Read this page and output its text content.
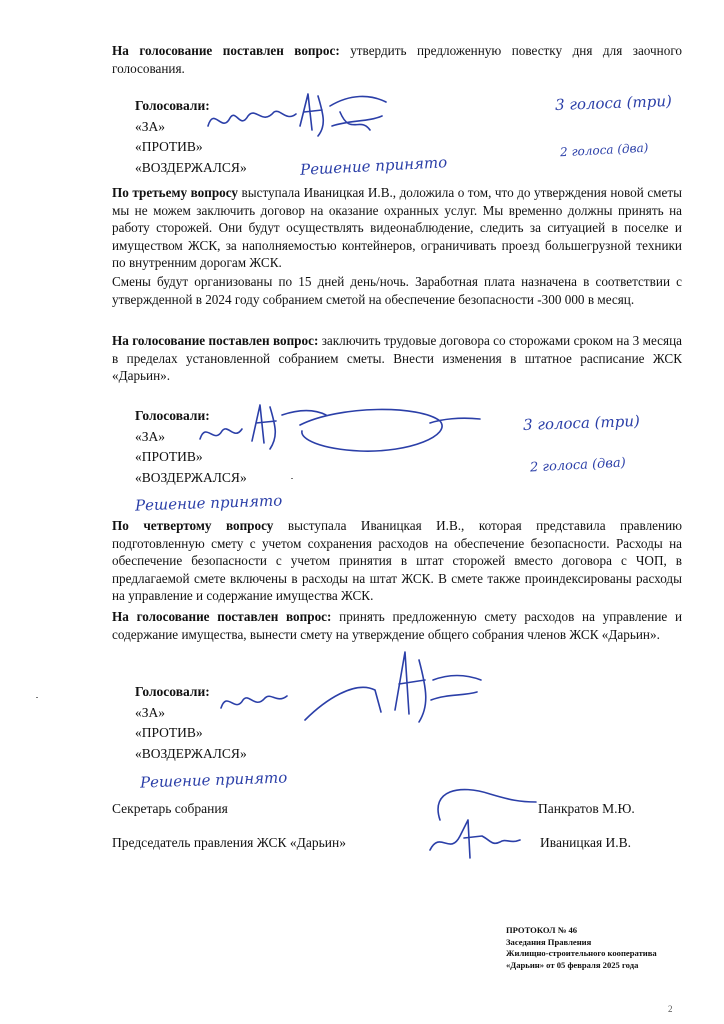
На голосование поставлен вопрос: утвердить предложенную повестку дня для заочного голосования.

Голосовали:
«ЗА»
«ПРОТИВ»
«ВОЗДЕРЖАЛСЯ»
3 голоса (три)
2 голоса (два)
Решение принято

По третьему вопросу выступала Иваницкая И.В., доложила о том, что до утверждения новой сметы мы не можем заключить договор на оказание охранных услуг. Мы временно должны принять на работу сторожей. Они будут осуществлять видеонаблюдение, следить за ситуацией в поселке и имуществом ЖСК, за наполняемостью контейнеров, ограничивать проезд большегрузной техники по внутренним дорогам ЖСК.

Смены будут организованы по 15 дней день/ночь. Заработная плата назначена в соответствии с утвержденной в 2024 году собранием сметой на обеспечение безопасности -300 000 в месяц.

На голосование поставлен вопрос: заключить трудовые договора со сторожами сроком на 3 месяца в пределах установленной собранием сметы. Внести изменения в штатное расписание ЖСК «Дарьин».

Голосовали:
«ЗА»
«ПРОТИВ»
«ВОЗДЕРЖАЛСЯ»
3 голоса (три)
2 голоса (два)
Решение принято

По четвертому вопросу выступала Иваницкая И.В., которая представила правлению подготовленную смету с учетом сохранения расходов на обеспечение безопасности. Расходы на обеспечение безопасности с учетом принятия в штат сторожей вместо договора с ЧОП, в предлагаемой смете включены в расходы на штат ЖСК. В смете также проиндексированы расходы на управление и содержание имущества ЖСК.

На голосование поставлен вопрос: принять предложенную смету расходов на управление и содержание имущества, вынести смету на утверждение общего собрания членов ЖСК «Дарьин».

Голосовали:
«ЗА»
«ПРОТИВ»
«ВОЗДЕРЖАЛСЯ»
Решение принято
Секретарь собрания	Панкратов М.Ю.
Председатель правления ЖСК «Дарьин»	Иваницкая И.В.
ПРОТОКОЛ № 46
Заседания Правления
Жилищно-строительного кооператива
«Дарьин» от 05 февраля 2025 года
2
